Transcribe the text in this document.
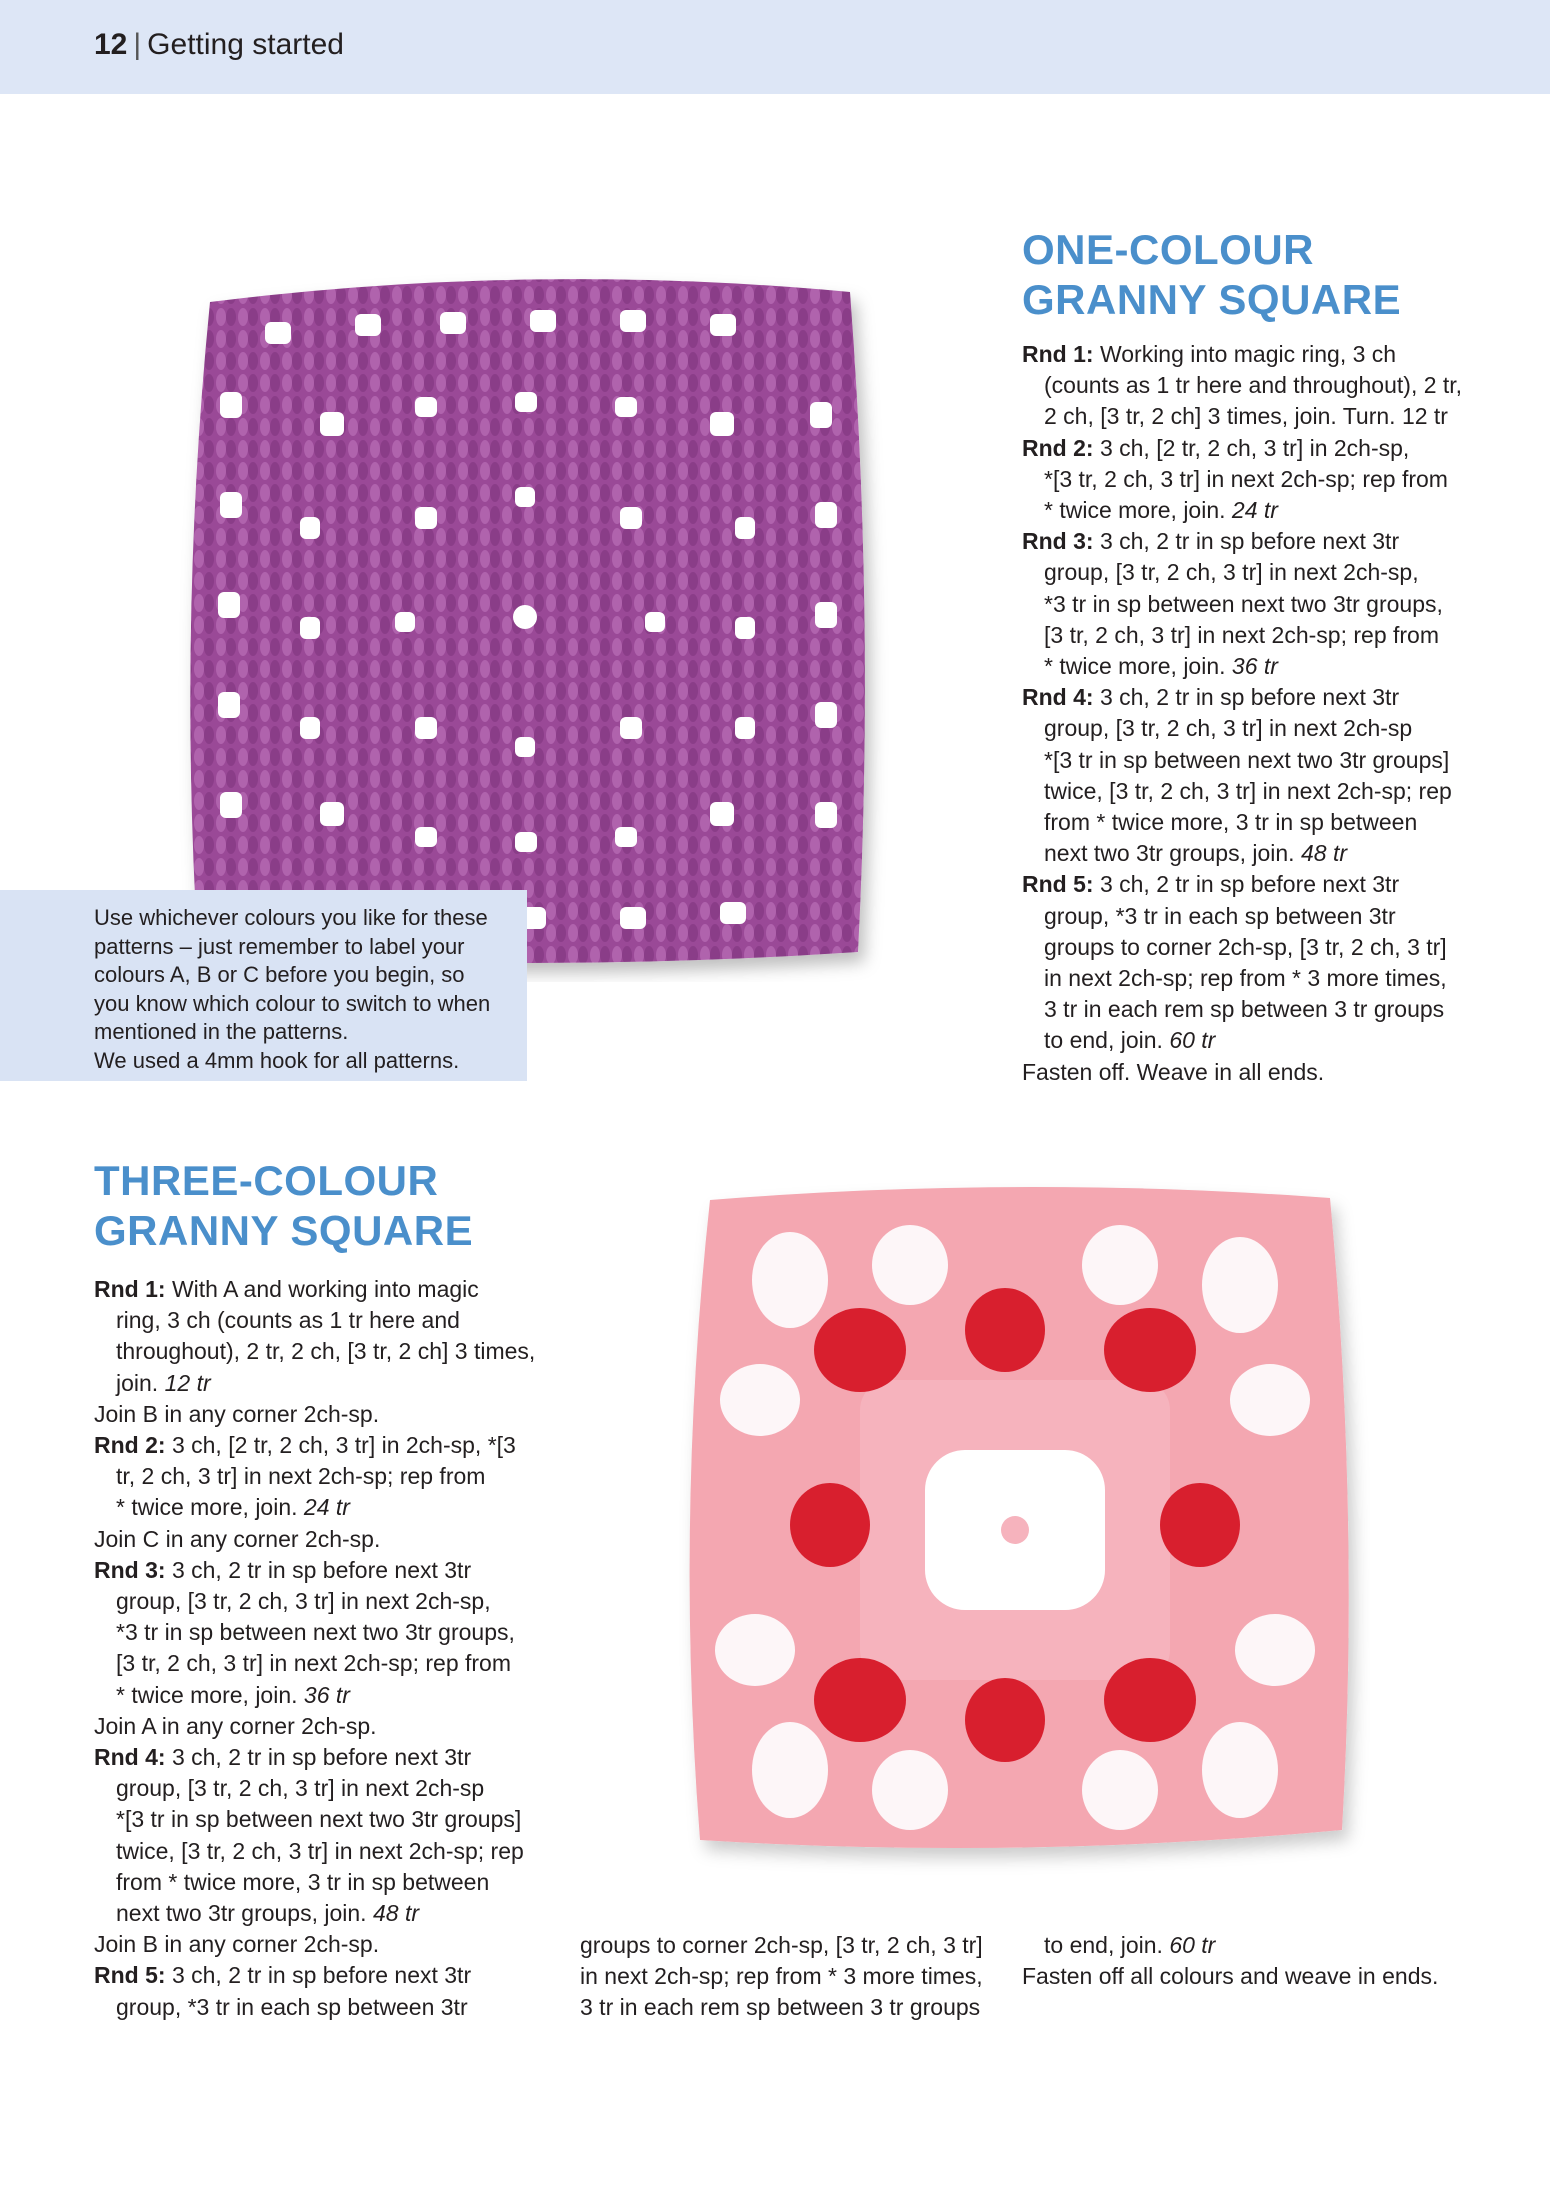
12 | Getting started
Use whichever colours you like for these
patterns – just remember to label your
colours A, B or C before you begin, so
you know which colour to switch to when
mentioned in the patterns.
We used a 4mm hook for all patterns.
ONE-COLOUR
GRANNY SQUARE
Rnd 1: Working into magic ring, 3 ch
(counts as 1 tr here and throughout), 2 tr,
2 ch, [3 tr, 2 ch] 3 times, join. Turn. 12 tr
Rnd 2: 3 ch, [2 tr, 2 ch, 3 tr] in 2ch-sp,
*[3 tr, 2 ch, 3 tr] in next 2ch-sp; rep from
* twice more, join. 24 tr
Rnd 3: 3 ch, 2 tr in sp before next 3tr
group, [3 tr, 2 ch, 3 tr] in next 2ch-sp,
*3 tr in sp between next two 3tr groups,
[3 tr, 2 ch, 3 tr] in next 2ch-sp; rep from
* twice more, join. 36 tr
Rnd 4: 3 ch, 2 tr in sp before next 3tr
group, [3 tr, 2 ch, 3 tr] in next 2ch-sp
*[3 tr in sp between next two 3tr groups]
twice, [3 tr, 2 ch, 3 tr] in next 2ch-sp; rep
from * twice more, 3 tr in sp between
next two 3tr groups, join. 48 tr
Rnd 5: 3 ch, 2 tr in sp before next 3tr
group, *3 tr in each sp between 3tr
groups to corner 2ch-sp, [3 tr, 2 ch, 3 tr]
in next 2ch-sp; rep from * 3 more times,
3 tr in each rem sp between 3 tr groups
to end, join. 60 tr
Fasten off. Weave in all ends.
THREE-COLOUR
GRANNY SQUARE
Rnd 1: With A and working into magic
ring, 3 ch (counts as 1 tr here and
throughout), 2 tr, 2 ch, [3 tr, 2 ch] 3 times,
join. 12 tr
Join B in any corner 2ch-sp.
Rnd 2: 3 ch, [2 tr, 2 ch, 3 tr] in 2ch-sp, *[3
tr, 2 ch, 3 tr] in next 2ch-sp; rep from
* twice more, join. 24 tr
Join C in any corner 2ch-sp.
Rnd 3: 3 ch, 2 tr in sp before next 3tr
group, [3 tr, 2 ch, 3 tr] in next 2ch-sp,
*3 tr in sp between next two 3tr groups,
[3 tr, 2 ch, 3 tr] in next 2ch-sp; rep from
* twice more, join. 36 tr
Join A in any corner 2ch-sp.
Rnd 4: 3 ch, 2 tr in sp before next 3tr
group, [3 tr, 2 ch, 3 tr] in next 2ch-sp
*[3 tr in sp between next two 3tr groups]
twice, [3 tr, 2 ch, 3 tr] in next 2ch-sp; rep
from * twice more, 3 tr in sp between
next two 3tr groups, join. 48 tr
Join B in any corner 2ch-sp.
Rnd 5: 3 ch, 2 tr in sp before next 3tr
group, *3 tr in each sp between 3tr
groups to corner 2ch-sp, [3 tr, 2 ch, 3 tr]
in next 2ch-sp; rep from * 3 more times,
3 tr in each rem sp between 3 tr groups
to end, join. 60 tr
Fasten off all colours and weave in ends.
